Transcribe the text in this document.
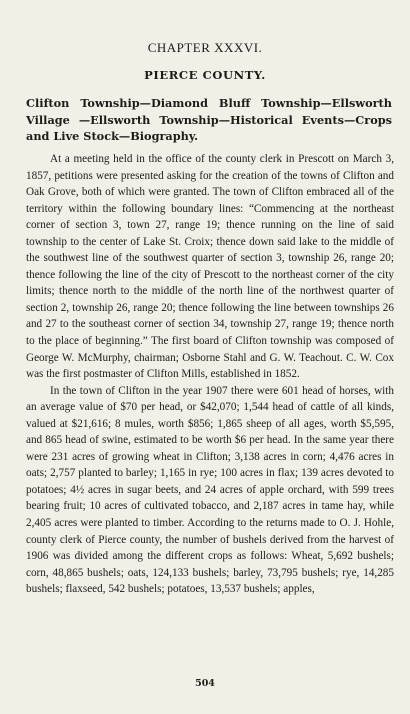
CHAPTER XXXVI.
PIERCE COUNTY.
Clifton Township—Diamond Bluff Township—Ellsworth Village —Ellsworth Township—Historical Events—Crops and Live Stock—Biography.

At a meeting held in the office of the county clerk in Prescott on March 3, 1857, petitions were presented asking for the creation of the towns of Clifton and Oak Grove, both of which were granted. The town of Clifton embraced all of the territory within the following boundary lines: “Commencing at the northeast corner of section 3, town 27, range 19; thence running on the line of said township to the center of Lake St. Croix; thence down said lake to the middle of the southwest line of the southwest quarter of section 3, township 26, range 20; thence following the line of the city of Prescott to the northeast corner of the city limits; thence north to the middle of the north line of the northwest quarter of section 2, township 26, range 20; thence following the line between townships 26 and 27 to the southeast corner of section 34, township 27, range 19; thence north to the place of beginning.” The first board of Clifton township was composed of George W. McMurphy, chairman; Osborne Stahl and G. W. Teachout. C. W. Cox was the first postmaster of Clifton Mills, established in 1852.

In the town of Clifton in the year 1907 there were 601 head of horses, with an average value of $70 per head, or $42,070; 1,544 head of cattle of all kinds, valued at $21,616; 8 mules, worth $856; 1,865 sheep of all ages, worth $5,595, and 865 head of swine, estimated to be worth $6 per head. In the same year there were 231 acres of growing wheat in Clifton; 3,138 acres in corn; 4,476 acres in oats; 2,757 planted to barley; 1,165 in rye; 100 acres in flax; 139 acres devoted to potatoes; 4½ acres in sugar beets, and 24 acres of apple orchard, with 599 trees bearing fruit; 10 acres of cultivated tobacco, and 2,187 acres in tame hay, while 2,405 acres were planted to timber. According to the returns made to O. J. Hohle, county clerk of Pierce county, the number of bushels derived from the harvest of 1906 was divided among the different crops as follows: Wheat, 5,692 bushels; corn, 48,865 bushels; oats, 124,133 bushels; barley, 73,795 bushels; rye, 14,285 bushels; flaxseed, 542 bushels; potatoes, 13,537 bushels; apples,

504
